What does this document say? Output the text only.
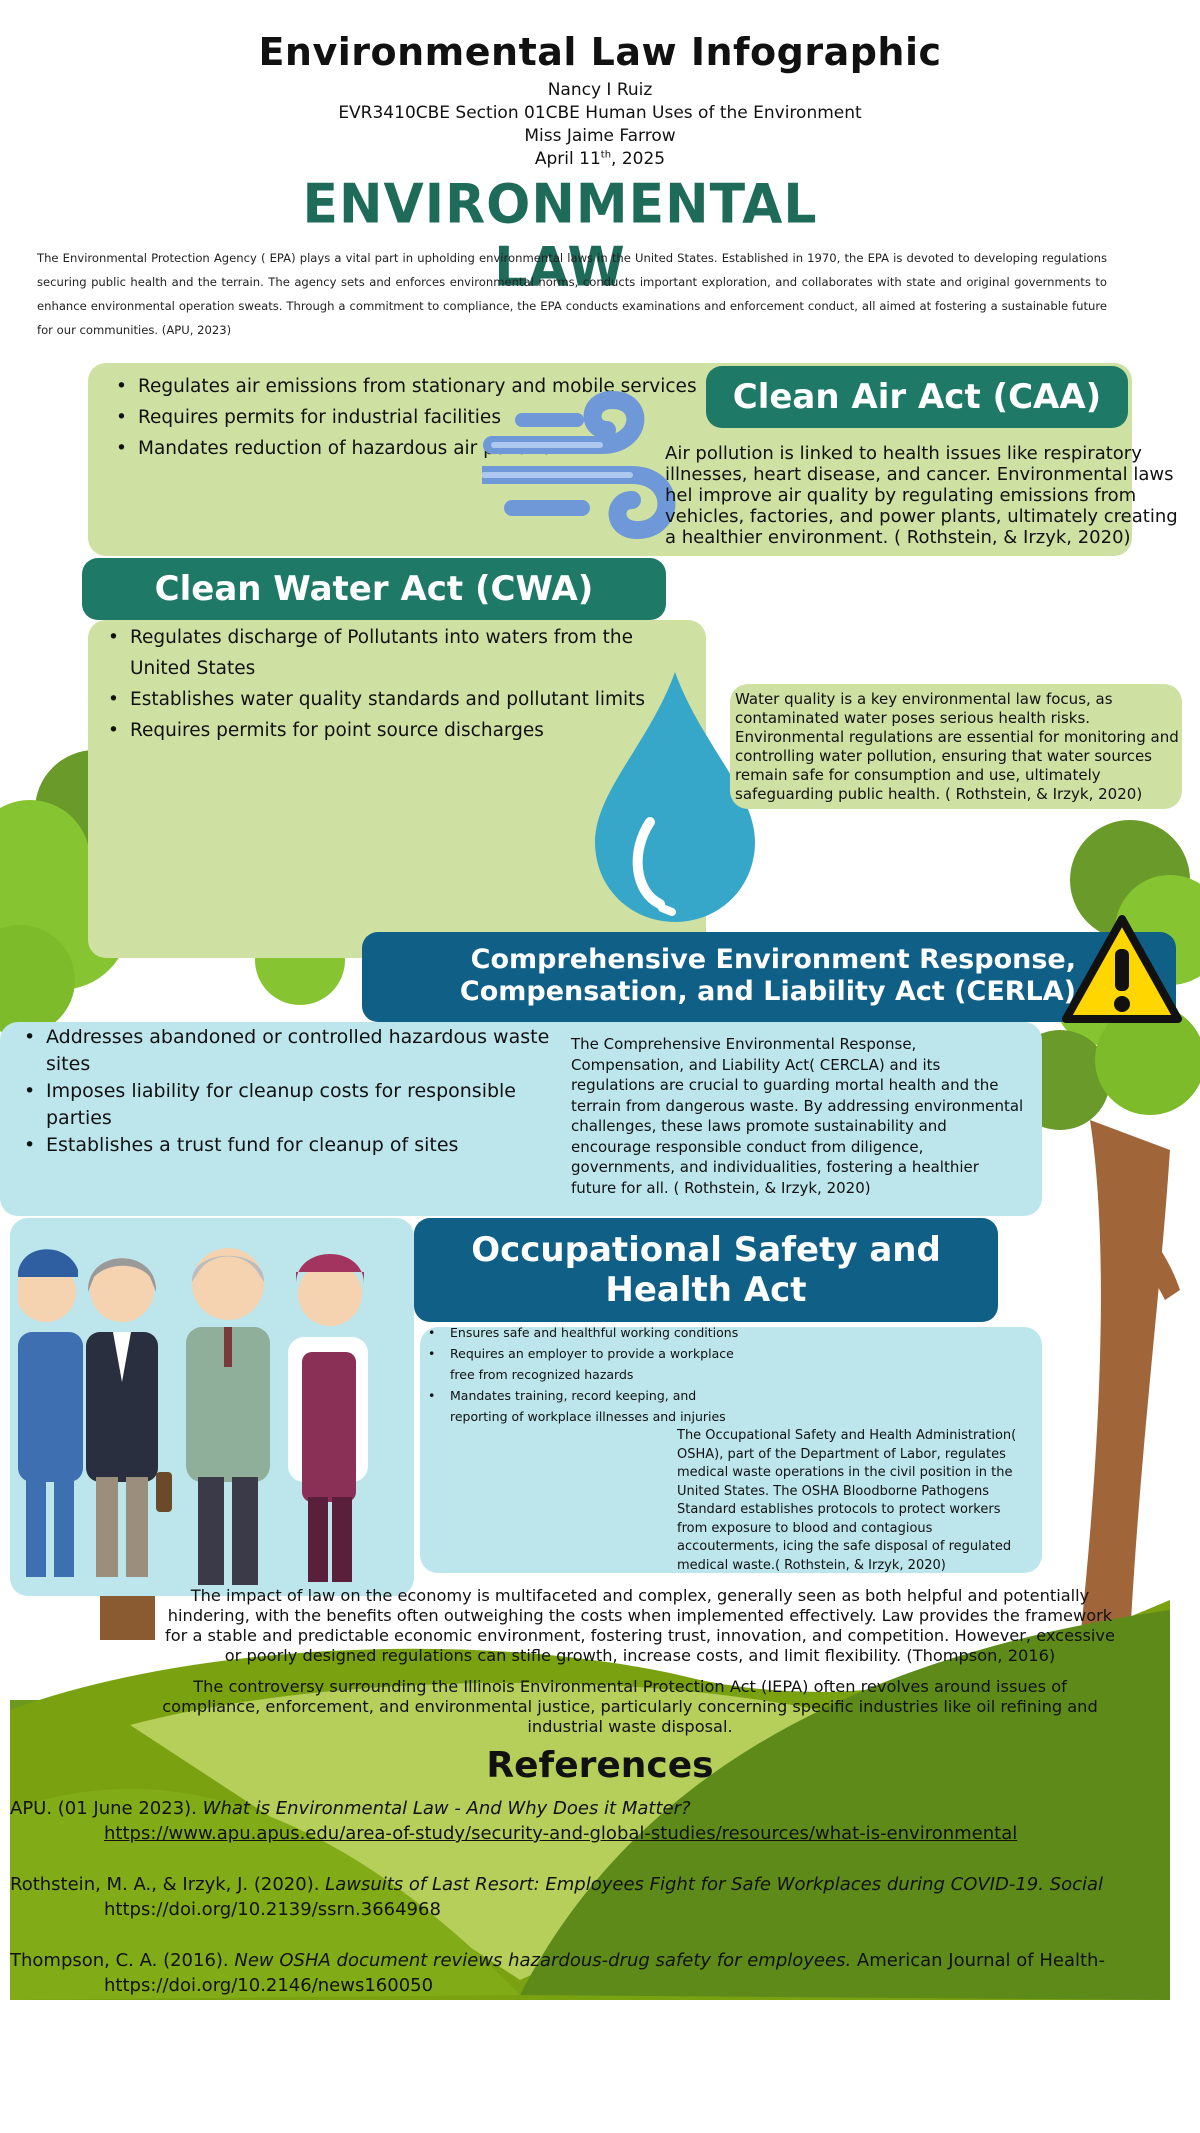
Environmental Law Infographic
Nancy I Ruiz
EVR3410CBE Section 01CBE Human Uses of the Environment
Miss Jaime Farrow
April 11th, 2025
ENVIRONMENTAL LAW
The Environmental Protection Agency ( EPA) plays a vital part in upholding environmental laws in the United States. Established in 1970, the EPA is devoted to developing regulations securing public health and the terrain. The agency sets and enforces environmental norms, conducts important exploration, and collaborates with state and original governments to enhance environmental operation sweats. Through a commitment to compliance, the EPA conducts examinations and enforcement conduct, all aimed at fostering a sustainable future for our communities. (APU, 2023)
Clean Air Act (CAA)
• Regulates air emissions from stationary and mobile services
• Requires permits for industrial facilities
• Mandates reduction of hazardous air pollution	Air pollution is linked to health issues like respiratory illnesses, heart disease, and cancer. Environmental laws hel improve air quality by regulating emissions from vehicles, factories, and power plants, ultimately creating a healthier environment. ( Rothstein, & Irzyk, 2020)
Clean Water Act (CWA)
• Regulates discharge of Pollutants into waters from the United States
• Establishes water quality standards and pollutant limits
• Requires permits for point source discharges
Water quality is a key environmental law focus, as contaminated water poses serious health risks. Environmental regulations are essential for monitoring and controlling water pollution, ensuring that water sources remain safe for consumption and use, ultimately safeguarding public health. ( Rothstein, & Irzyk, 2020)
Comprehensive Environment Response,
Compensation, and Liability Act (CERLA)
• Addresses abandoned or controlled hazardous waste sites
• Imposes liability for cleanup costs for responsible parties
• Establishes a trust fund for cleanup of sites
The Comprehensive Environmental Response, Compensation, and Liability Act( CERCLA) and its regulations are crucial to guarding mortal health and the terrain from dangerous waste. By addressing environmental challenges, these laws promote sustainability and encourage responsible conduct from diligence, governments, and individualities, fostering a healthier future for all. ( Rothstein, & Irzyk, 2020)
Occupational Safety and
Health Act
• Ensures safe and healthful working conditions
• Requires an employer to provide a workplace free from recognized hazards
• Mandates training, record keeping, and reporting of workplace illnesses and injuries
The Occupational Safety and Health Administration( OSHA), part of the Department of Labor, regulates medical waste operations in the civil position in the United States. The OSHA Bloodborne Pathogens Standard establishes protocols to protect workers from exposure to blood and contagious accouterments, icing the safe disposal of regulated medical waste.( Rothstein, & Irzyk, 2020)
The impact of law on the economy is multifaceted and complex, generally seen as both helpful and potentially hindering, with the benefits often outweighing the costs when implemented effectively. Law provides the framework for a stable and predictable economic environment, fostering trust, innovation, and competition. However, excessive or poorly designed regulations can stifle growth, increase costs, and limit flexibility. (Thompson, 2016)
The controversy surrounding the Illinois Environmental Protection Act (IEPA) often revolves around issues of compliance, enforcement, and environmental justice, particularly concerning specific industries like oil refining and industrial waste disposal.
References
APU. (01 June 2023). What is Environmental Law - And Why Does it Matter?
https://www.apu.apus.edu/area-of-study/security-and-global-studies/resources/what-is-environmental
Rothstein, M. A., & Irzyk, J. (2020). Lawsuits of Last Resort: Employees Fight for Safe Workplaces during COVID-19. Social
https://doi.org/10.2139/ssrn.3664968
Thompson, C. A. (2016). New OSHA document reviews hazardous-drug safety for employees. American Journal of Health-
https://doi.org/10.2146/news160050
